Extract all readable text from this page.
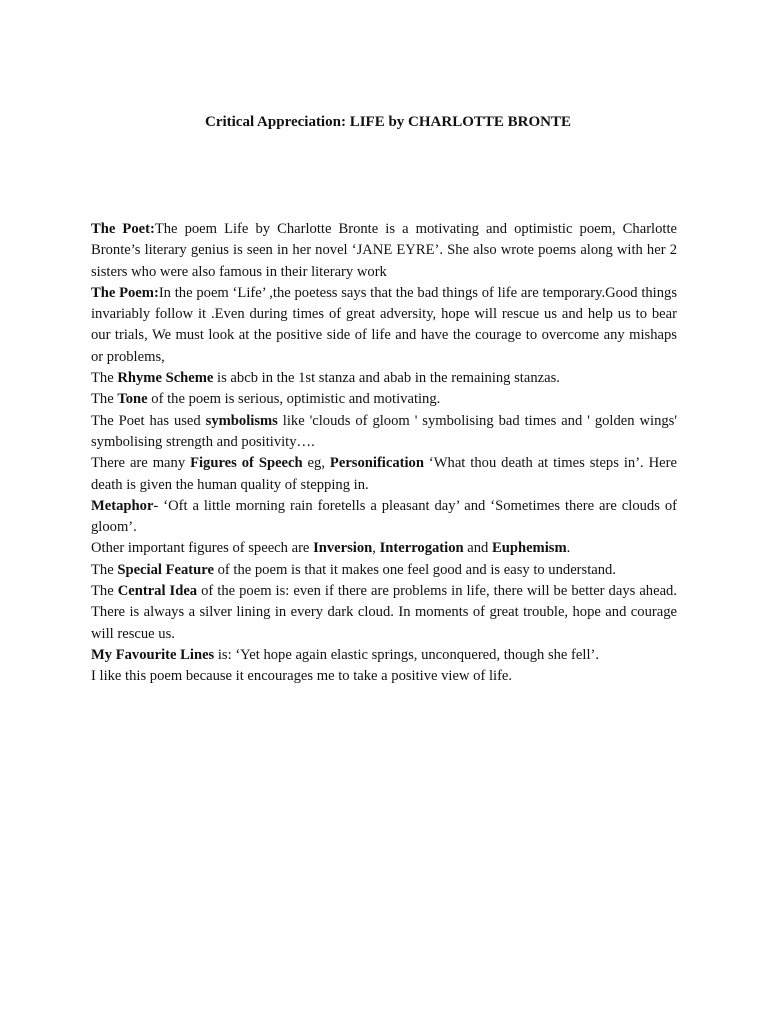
Critical Appreciation: LIFE by CHARLOTTE BRONTE

The Poet:The poem Life by Charlotte Bronte is a motivating and optimistic poem, Charlotte Bronte’s literary genius is seen in her novel ‘JANE EYRE’. She also wrote poems along with her 2 sisters who were also famous in their literary work

The Poem:In the poem ‘Life’ ,the poetess says that the bad things of life are temporary.Good things invariably follow it .Even during times of great adversity, hope will rescue us and help us to bear our trials, We must look at the positive side of life and have the courage to overcome any mishaps or problems,

The Rhyme Scheme is abcb in the 1st stanza and abab in the remaining stanzas.

The Tone of the poem is serious, optimistic and motivating.

The Poet has used symbolisms like 'clouds of gloom ' symbolising bad times and ' golden wings' symbolising strength and positivity….

There are many Figures of Speech eg, Personification ‘What thou death at times steps in’. Here death is given the human quality of stepping in.

Metaphor- ‘Oft a little morning rain foretells a pleasant day’ and ‘Sometimes there are clouds of gloom’.

Other important figures of speech are Inversion, Interrogation and Euphemism.

The Special Feature of the poem is that it makes one feel good and is easy to understand.

The Central Idea of the poem is: even if there are problems in life, there will be better days ahead. There is always a silver lining in every dark cloud. In moments of great trouble, hope and courage will rescue us.

My Favourite Lines is: ‘Yet hope again elastic springs, unconquered, though she fell’.

I like this poem because it encourages me to take a positive view of life.
